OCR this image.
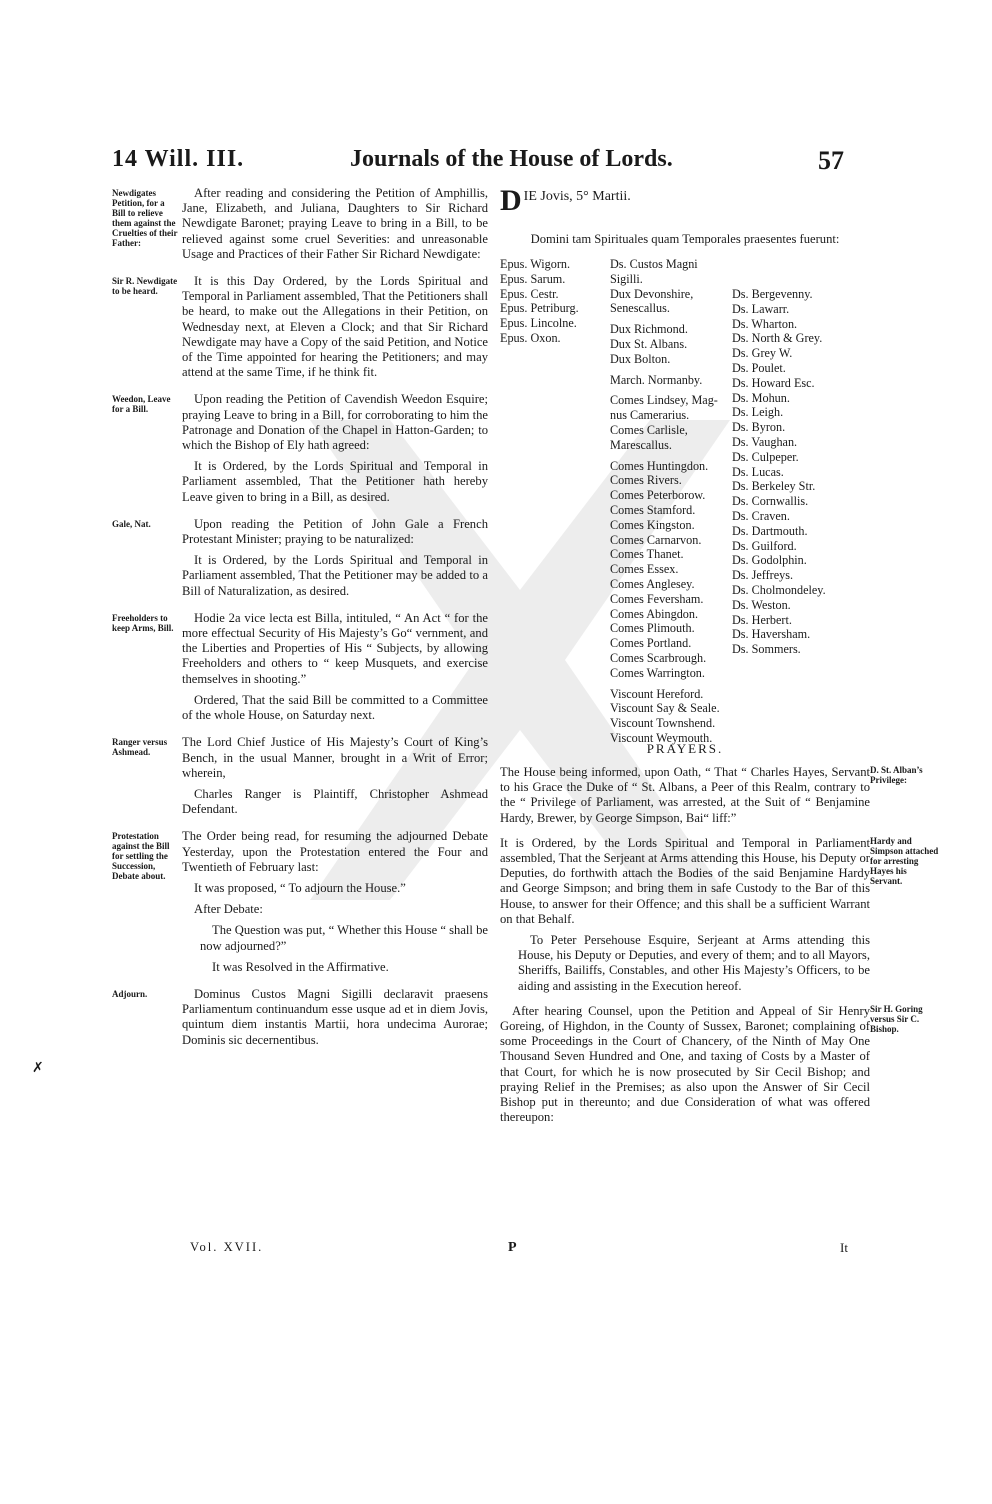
14 Will. III.	Journals of the House of Lords.	57
Newdigates Petition, for a Bill to relieve them against the Cruelties of their Father:

After reading and considering the Petition of Amphillis, Jane, Elizabeth, and Juliana, Daughters to Sir Richard Newdigate Baronet; praying Leave to bring in a Bill, to be relieved against some cruel Severities: and unreasonable Usage and Practices of their Father Sir Richard Newdigate:

Sir R. Newdigate to be heard.

It is this Day Ordered, by the Lords Spiritual and Temporal in Parliament assembled, That the Petitioners shall be heard, to make out the Allegations in their Petition, on Wednesday next, at Eleven a Clock; and that Sir Richard Newdigate may have a Copy of the said Petition, and Notice of the Time appointed for hearing the Petitioners; and may attend at the same Time, if he think fit.

Weedon, Leave for a Bill.

Upon reading the Petition of Cavendish Weedon Esquire; praying Leave to bring in a Bill, for corroborating to him the Patronage and Donation of the Chapel in Hatton-Garden; to which the Bishop of Ely hath agreed:

It is Ordered, by the Lords Spiritual and Temporal in Parliament assembled, That the Petitioner hath hereby Leave given to bring in a Bill, as desired.

Gale, Nat.	Upon reading the Petition of John Gale a French Protestant Minister; praying to be naturalized:

It is Ordered, by the Lords Spiritual and Temporal in Parliament assembled, That the Petitioner may be added to a Bill of Naturalization, as desired.

Freeholders to keep Arms, Bill.

Hodie 2a vice lecta est Billa, intituled, “ An Act “ for the more effectual Security of His Majesty’s Go“ vernment, and the Liberties and Properties of His “ Subjects, by allowing Freeholders and others to “ keep Musquets, and exercise themselves in shooting.”

Ordered, That the said Bill be committed to a Committee of the whole House, on Saturday next.

Ranger versus Ashmead.

The Lord Chief Justice of His Majesty’s Court of King’s Bench, in the usual Manner, brought in a Writ of Error; wherein,

Charles Ranger is Plaintiff, Christopher Ashmead Defendant.

Protestation against the Bill for settling the Succession, Debate about.

The Order being read, for resuming the adjourned Debate Yesterday, upon the Protestation entered the Four and Twentieth of February last:

It was proposed, “ To adjourn the House.”

After Debate:

The Question was put, “ Whether this House “ shall be now adjourned?”

It was Resolved in the Affirmative.

Adjourn.	Dominus Custos Magni Sigilli declaravit praesens Parliamentum continuandum esse usque ad et in diem Jovis, quintum diem instantis Martii, hora undecima Aurorae; Dominis sic decernentibus.

D IE Jovis, 5° Martii.
Domini tam Spirituales quam Temporales praesentes fuerunt:
Epus. Wigorn.
Epus. Sarum.
Epus. Cestr.
Epus. Petriburg.
Epus. Lincolne.
Epus. Oxon.
Ds. Custos Magni
Sigilli.
Dux Devonshire,
Senescallus.
Dux Richmond.
Dux St. Albans.
Dux Bolton.
March. Normanby.
Comes Lindsey, Mag-
nus Camerarius.
Comes Carlisle,
Marescallus.
Comes Huntingdon.
Comes Rivers.
Comes Peterborow.
Comes Stamford.
Comes Kingston.
Comes Carnarvon.
Comes Thanet.
Comes Essex.
Comes Anglesey.
Comes Feversham.
Comes Abingdon.
Comes Plimouth.
Comes Portland.
Comes Scarbrough.
Comes Warrington.
Viscount Hereford.
Viscount Say & Seale.
Viscount Townshend.
Viscount Weymouth.
Ds. Bergevenny.
Ds. Lawarr.
Ds. Wharton.
Ds. North & Grey.
Ds. Grey W.
Ds. Poulet.
Ds. Howard Esc.
Ds. Mohun.
Ds. Leigh.
Ds. Byron.
Ds. Vaughan.
Ds. Culpeper.
Ds. Lucas.
Ds. Berkeley Str.
Ds. Cornwallis.
Ds. Craven.
Ds. Dartmouth.
Ds. Guilford.
Ds. Godolphin.
Ds. Jeffreys.
Ds. Cholmondeley.
Ds. Weston.
Ds. Herbert.
Ds. Haversham.
Ds. Sommers.
PRAYERS.
D. St. Alban’s Privilege:

The House being informed, upon Oath, “ That “ Charles Hayes, Servant to his Grace the Duke of “ St. Albans, a Peer of this Realm, contrary to the “ Privilege of Parliament, was arrested, at the Suit of “ Benjamine Hardy, Brewer, by George Simpson, Bai“ liff:”

Hardy and Simpson attached for arresting Hayes his Servant.

It is Ordered, by the Lords Spiritual and Temporal in Parliament assembled, That the Serjeant at Arms attending this House, his Deputy or Deputies, do forthwith attach the Bodies of the said Benjamine Hardy and George Simpson; and bring them in safe Custody to the Bar of this House, to answer for their Offence; and this shall be a sufficient Warrant on that Behalf.

To Peter Persehouse Esquire, Serjeant at Arms attending this House, his Deputy or Deputies, and every of them; and to all Mayors, Sheriffs, Bailiffs, Constables, and other His Majesty’s Officers, to be aiding and assisting in the Execution hereof.

Sir H. Goring versus Sir C. Bishop.

After hearing Counsel, upon the Petition and Appeal of Sir Henry Goreing, of Highdon, in the County of Sussex, Baronet; complaining of some Proceedings in the Court of Chancery, of the Ninth of May One Thousand Seven Hundred and One, and taxing of Costs by a Master of that Court, for which he is now prosecuted by Sir Cecil Bishop; and praying Relief in the Premises; as also upon the Answer of Sir Cecil Bishop put in thereunto; and due Consideration of what was offered thereupon:

✗
Vol. XVII.	P	It
